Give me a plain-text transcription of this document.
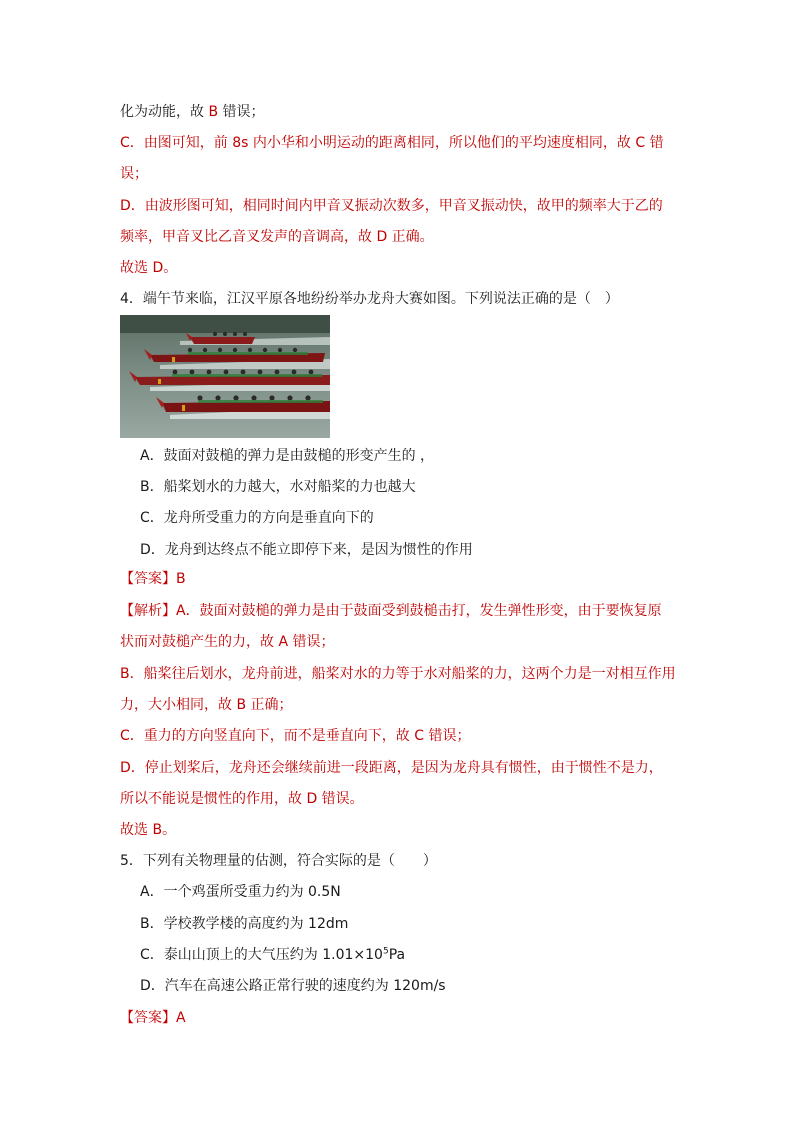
化为动能，故 B 错误；
C．由图可知，前 8s 内小华和小明运动的距离相同，所以他们的平均速度相同，故 C 错
误；
D．由波形图可知，相同时间内甲音叉振动次数多，甲音叉振动快，故甲的频率大于乙的
频率，甲音叉比乙音叉发声的音调高，故 D 正确。
故选 D。
4．端午节来临，江汉平原各地纷纷举办龙舟大赛如图。下列说法正确的是（　）
A．鼓面对鼓槌的弹力是由鼓槌的形变产生的 ，
B．船桨划水的力越大，水对船桨的力也越大
C．龙舟所受重力的方向是垂直向下的
D．龙舟到达终点不能立即停下来，是因为惯性的作用
【答案】B
【解析】A．鼓面对鼓槌的弹力是由于鼓面受到鼓槌击打，发生弹性形变，由于要恢复原
状而对鼓槌产生的力，故 A 错误；
B．船桨往后划水，龙舟前进，船桨对水的力等于水对船桨的力，这两个力是一对相互作用
力，大小相同，故 B 正确；
C．重力的方向竖直向下，而不是垂直向下，故 C 错误；
D．停止划桨后，龙舟还会继续前进一段距离，是因为龙舟具有惯性，由于惯性不是力，
所以不能说是惯性的作用，故 D 错误。
故选 B。
5．下列有关物理量的估测，符合实际的是（　　）
A．一个鸡蛋所受重力约为 0.5N
B．学校教学楼的高度约为 12dm
C．泰山山顶上的大气压约为 $1.01\times 10^5Pa$
D．汽车在高速公路正常行驶的速度约为 120m/s
【答案】A
